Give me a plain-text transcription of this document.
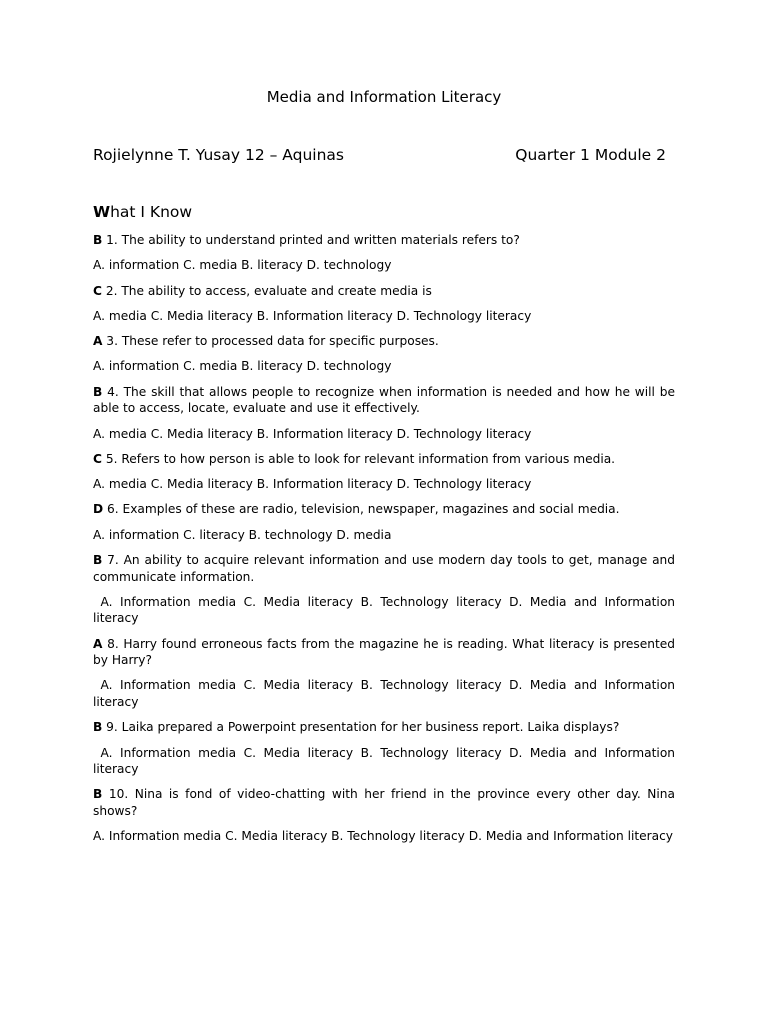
Media and Information Literacy
Rojielynne T. Yusay 12 – Aquinas	Quarter 1 Module 2
What I Know

B 1. The ability to understand printed and written materials refers to?

A. information C. media B. literacy D. technology

C 2. The ability to access, evaluate and create media is

A. media C. Media literacy B. Information literacy D. Technology literacy

A 3. These refer to processed data for specific purposes.

A. information C. media B. literacy D. technology

B 4. The skill that allows people to recognize when information is needed and how he will be able to access, locate, evaluate and use it effectively.

A. media C. Media literacy B. Information literacy D. Technology literacy

C 5. Refers to how person is able to look for relevant information from various media.

A. media C. Media literacy B. Information literacy D. Technology literacy

D 6. Examples of these are radio, television, newspaper, magazines and social media.

A. information C. literacy B. technology D. media

B 7. An ability to acquire relevant information and use modern day tools to get, manage and communicate information.

A. Information media C. Media literacy B. Technology literacy D. Media and Information literacy

A 8. Harry found erroneous facts from the magazine he is reading. What literacy is presented by Harry?

A. Information media C. Media literacy B. Technology literacy D. Media and Information literacy

B 9. Laika prepared a Powerpoint presentation for her business report. Laika displays?

A. Information media C. Media literacy B. Technology literacy D. Media and Information literacy

B 10. Nina is fond of video-chatting with her friend in the province every other day. Nina shows?

A. Information media C. Media literacy B. Technology literacy D. Media and Information literacy
